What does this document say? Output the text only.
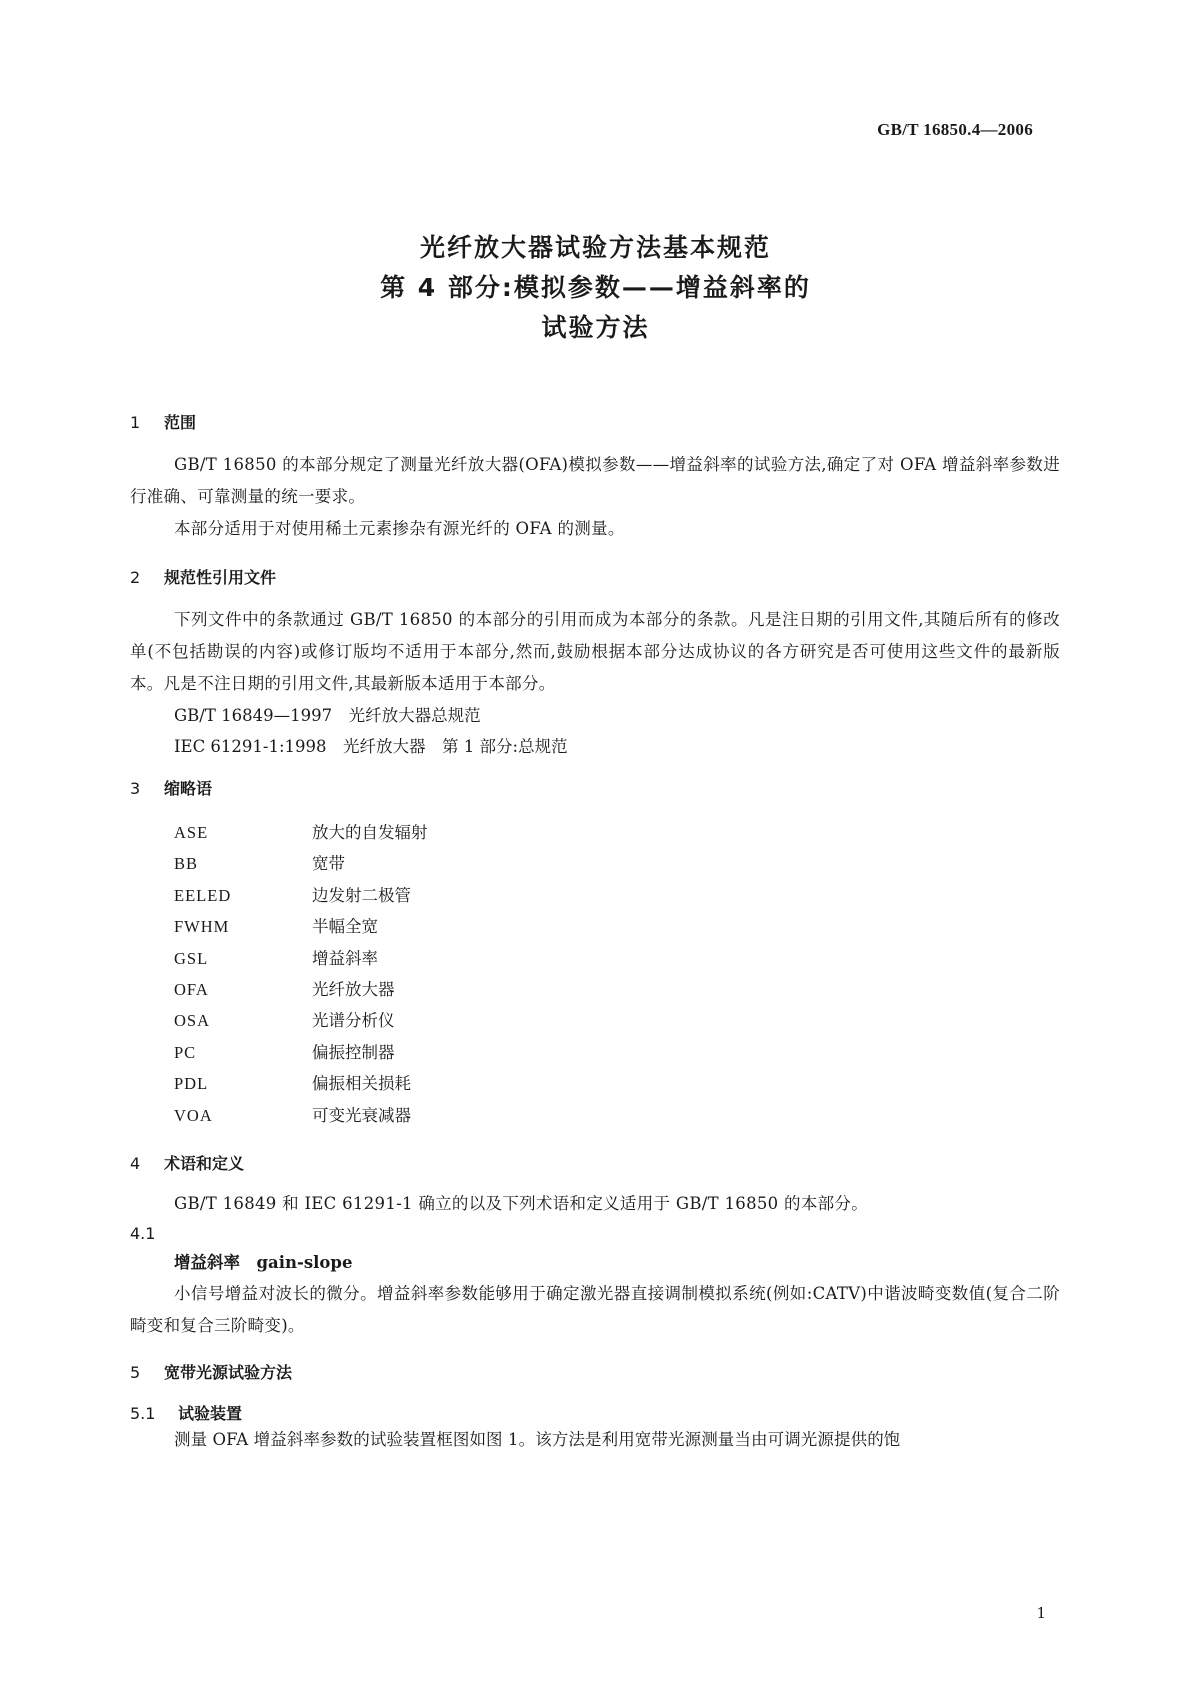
GB/T 16850.4—2006
光纤放大器试验方法基本规范
第 4 部分:模拟参数——增益斜率的
试验方法
1 范围

GB/T 16850 的本部分规定了测量光纤放大器(OFA)模拟参数——增益斜率的试验方法,确定了对 OFA 增益斜率参数进行准确、可靠测量的统一要求。

本部分适用于对使用稀土元素掺杂有源光纤的 OFA 的测量。

2 规范性引用文件

下列文件中的条款通过 GB/T 16850 的本部分的引用而成为本部分的条款。凡是注日期的引用文件,其随后所有的修改单(不包括勘误的内容)或修订版均不适用于本部分,然而,鼓励根据本部分达成协议的各方研究是否可使用这些文件的最新版本。凡是不注日期的引用文件,其最新版本适用于本部分。

GB/T 16849—1997　光纤放大器总规范

IEC 61291-1:1998　光纤放大器　第 1 部分:总规范

3 缩略语
ASE	放大的自发辐射
BB	宽带
EELED	边发射二极管
FWHM	半幅全宽
GSL	增益斜率
OFA	光纤放大器
OSA	光谱分析仪
PC	偏振控制器
PDL	偏振相关损耗
VOA	可变光衰减器
4 术语和定义

GB/T 16849 和 IEC 61291-1 确立的以及下列术语和定义适用于 GB/T 16850 的本部分。

4.1

增益斜率　gain-slope

小信号增益对波长的微分。增益斜率参数能够用于确定激光器直接调制模拟系统(例如:CATV)中谐波畸变数值(复合二阶畸变和复合三阶畸变)。

5 宽带光源试验方法
5.1 试验装置

测量 OFA 增益斜率参数的试验装置框图如图 1。该方法是利用宽带光源测量当由可调光源提供的饱

1
